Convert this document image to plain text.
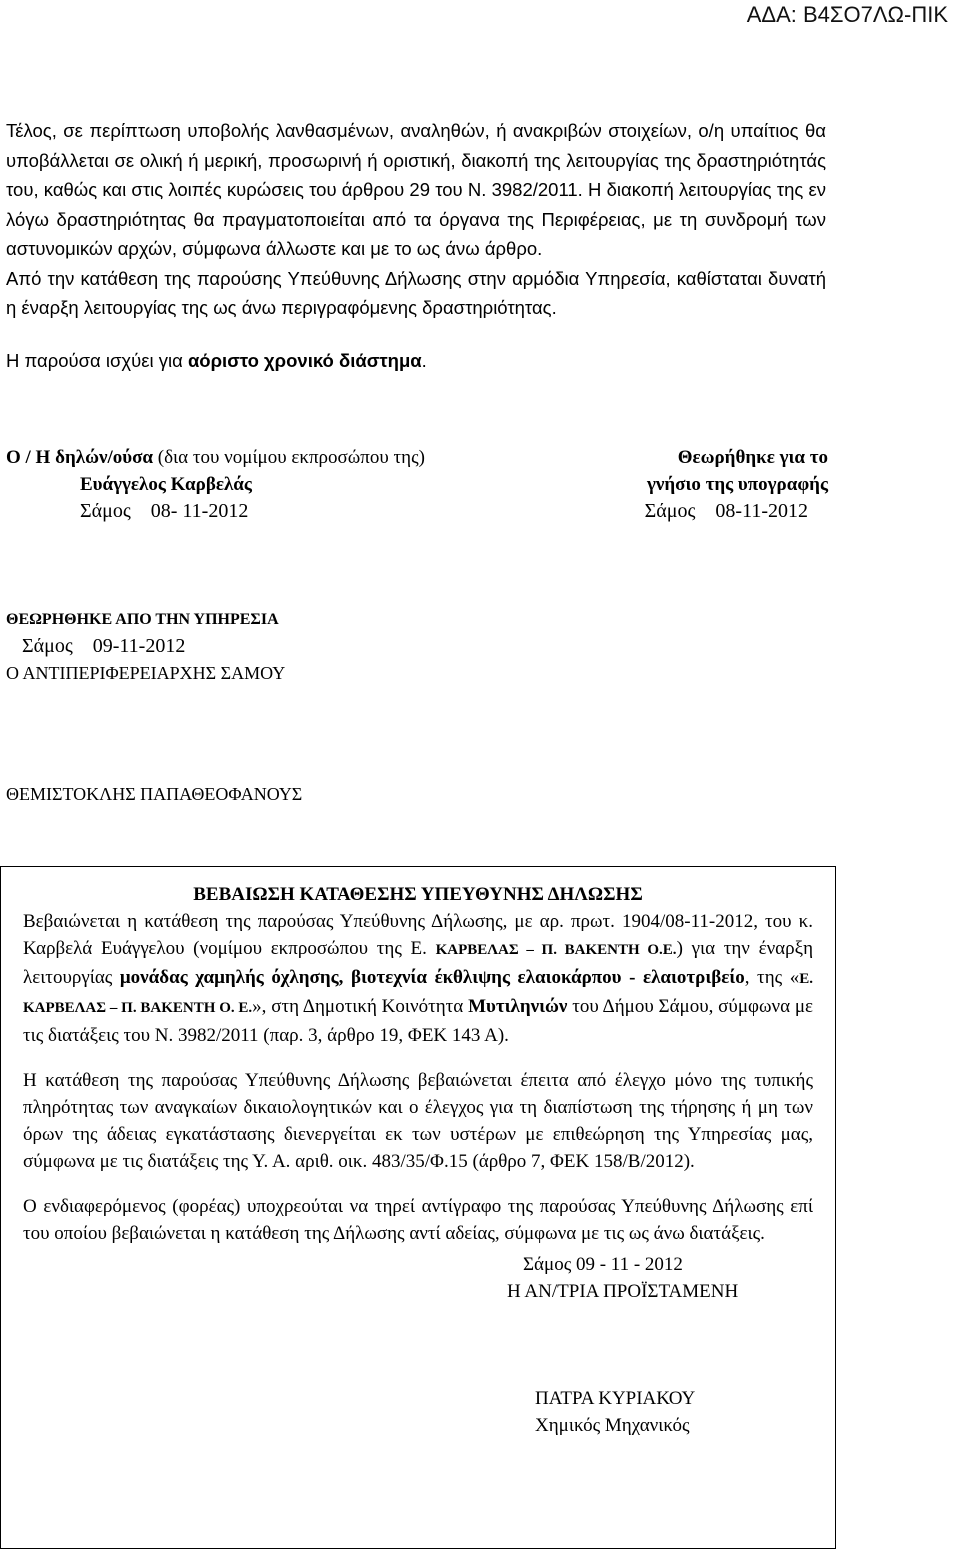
ΑΔΑ: Β4ΣΟ7ΛΩ-ΠΙΚ

Τέλος, σε περίπτωση υποβολής λανθασμένων, αναληθών, ή ανακριβών στοιχείων, ο/η υπαίτιος θα υποβάλλεται σε ολική ή μερική, προσωρινή ή οριστική, διακοπή της λειτουργίας της δραστηριότητάς του, καθώς και στις λοιπές κυρώσεις του άρθρου 29 του Ν. 3982/2011. Η διακοπή λειτουργίας της εν λόγω δραστηριότητας θα πραγματοποιείται από τα όργανα της Περιφέρειας, με τη συνδρομή των αστυνομικών αρχών, σύμφωνα άλλωστε και με το ως άνω άρθρο.

Από την κατάθεση της παρούσης Υπεύθυνης Δήλωσης στην αρμόδια Υπηρεσία, καθίσταται δυνατή η έναρξη λειτουργίας της ως άνω περιγραφόμενης δραστηριότητας.

Η παρούσα ισχύει για αόριστο χρονικό διάστημα.

Ο / Η δηλών/ούσα (δια του νομίμου εκπροσώπου της)	Θεωρήθηκε για το
Ευάγγελος Καρβελάς	γνήσιο της υπογραφής
Σάμος    08- 11-2012	Σάμος    08-11-2012
ΘΕΩΡΗΘΗΚΕ ΑΠΟ ΤΗΝ ΥΠΗΡΕΣΙΑ
Σάμος    09-11-2012
Ο ΑΝΤΙΠΕΡΙΦΕΡΕΙΑΡΧΗΣ ΣΑΜΟΥ
ΘΕΜΙΣΤΟΚΛΗΣ ΠΑΠΑΘΕΟΦΑΝΟΥΣ
ΒΕΒΑΙΩΣΗ ΚΑΤΑΘΕΣΗΣ ΥΠΕΥΘΥΝΗΣ ΔΗΛΩΣΗΣ

Βεβαιώνεται η κατάθεση της παρούσας Υπεύθυνης Δήλωσης, με αρ. πρωτ. 1904/08-11-2012, του κ. Καρβελά Ευάγγελου (νομίμου εκπροσώπου της Ε. ΚΑΡΒΕΛΑΣ – Π. ΒΑΚΕΝΤΗ Ο.Ε.) για την έναρξη λειτουργίας μονάδας χαμηλής όχλησης, βιοτεχνία έκθλιψης ελαιοκάρπου - ελαιοτριβείο, της «Ε. ΚΑΡΒΕΛΑΣ – Π. ΒΑΚΕΝΤΗ Ο. Ε.», στη Δημοτική Κοινότητα Μυτιληνιών του Δήμου Σάμου, σύμφωνα με τις διατάξεις του Ν. 3982/2011 (παρ. 3, άρθρο 19, ΦΕΚ 143 Α).

Η κατάθεση της παρούσας Υπεύθυνης Δήλωσης βεβαιώνεται έπειτα από έλεγχο μόνο της τυπικής πληρότητας των αναγκαίων δικαιολογητικών και ο έλεγχος για τη διαπίστωση της τήρησης ή μη των όρων της άδειας εγκατάστασης διενεργείται εκ των υστέρων με επιθεώρηση της Υπηρεσίας μας, σύμφωνα με τις διατάξεις της Υ. Α. αριθ. οικ. 483/35/Φ.15 (άρθρο 7, ΦΕΚ 158/Β/2012).

Ο ενδιαφερόμενος (φορέας) υποχρεούται να τηρεί αντίγραφο της παρούσας Υπεύθυνης Δήλωσης επί του οποίου βεβαιώνεται η κατάθεση της Δήλωσης αντί αδείας, σύμφωνα με τις ως άνω διατάξεις.

Σάμος 09 - 11 - 2012
Η ΑΝ/ΤΡΙΑ ΠΡΟΪΣΤΑΜΕΝΗ
ΠΑΤΡΑ ΚΥΡΙΑΚΟΥ
Χημικός Μηχανικός
